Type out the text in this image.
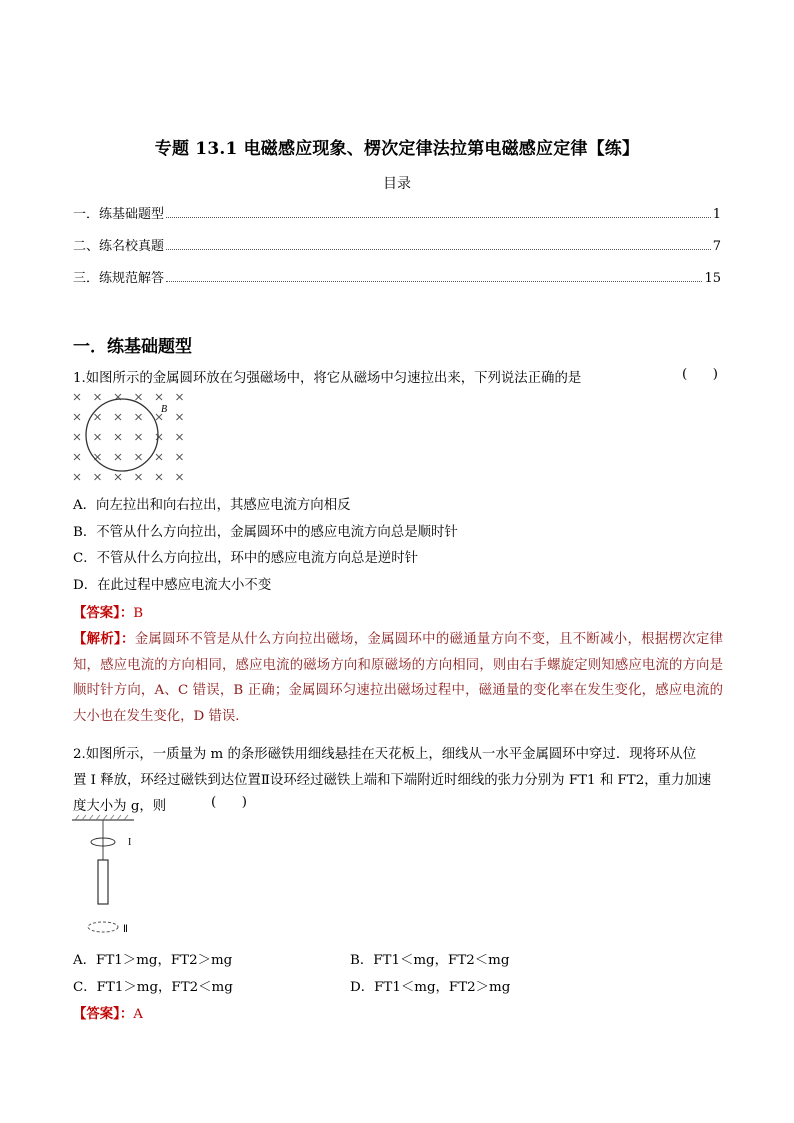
专题 13.1 电磁感应现象、楞次定律法拉第电磁感应定律【练】
目录
一．练基础题型	1
二、练名校真题	7
三．练规范解答	15
一．练基础题型
1.如图所示的金属圆环放在匀强磁场中，将它从磁场中匀速拉出来，下列说法正确的是	(      )
B
A．向左拉出和向右拉出，其感应电流方向相反
B．不管从什么方向拉出，金属圆环中的感应电流方向总是顺时针
C．不管从什么方向拉出，环中的感应电流方向总是逆时针
D．在此过程中感应电流大小不变
【答案】：B
【解析】：金属圆环不管是从什么方向拉出磁场，金属圆环中的磁通量方向不变，且不断减小，根据楞次定律知，感应电流的方向相同，感应电流的磁场方向和原磁场的方向相同，则由右手螺旋定则知感应电流的方向是顺时针方向，A、C 错误，B 正确；金属圆环匀速拉出磁场过程中，磁通量的变化率在发生变化，感应电流的大小也在发生变化，D 错误．
2.如图所示，一质量为 m 的条形磁铁用细线悬挂在天花板上，细线从一水平金属圆环中穿过．现将环从位
置 I 释放，环经过磁铁到达位置Ⅱ设环经过磁铁上端和下端附近时细线的张力分别为 FT1 和 FT2，重力加速
度大小为 g，则	(      )
I
Ⅱ
A．FT1＞mg，FT2＞mg	B．FT1＜mg，FT2＜mg
C．FT1＞mg，FT2＜mg	D．FT1＜mg，FT2＞mg
【答案】：A
